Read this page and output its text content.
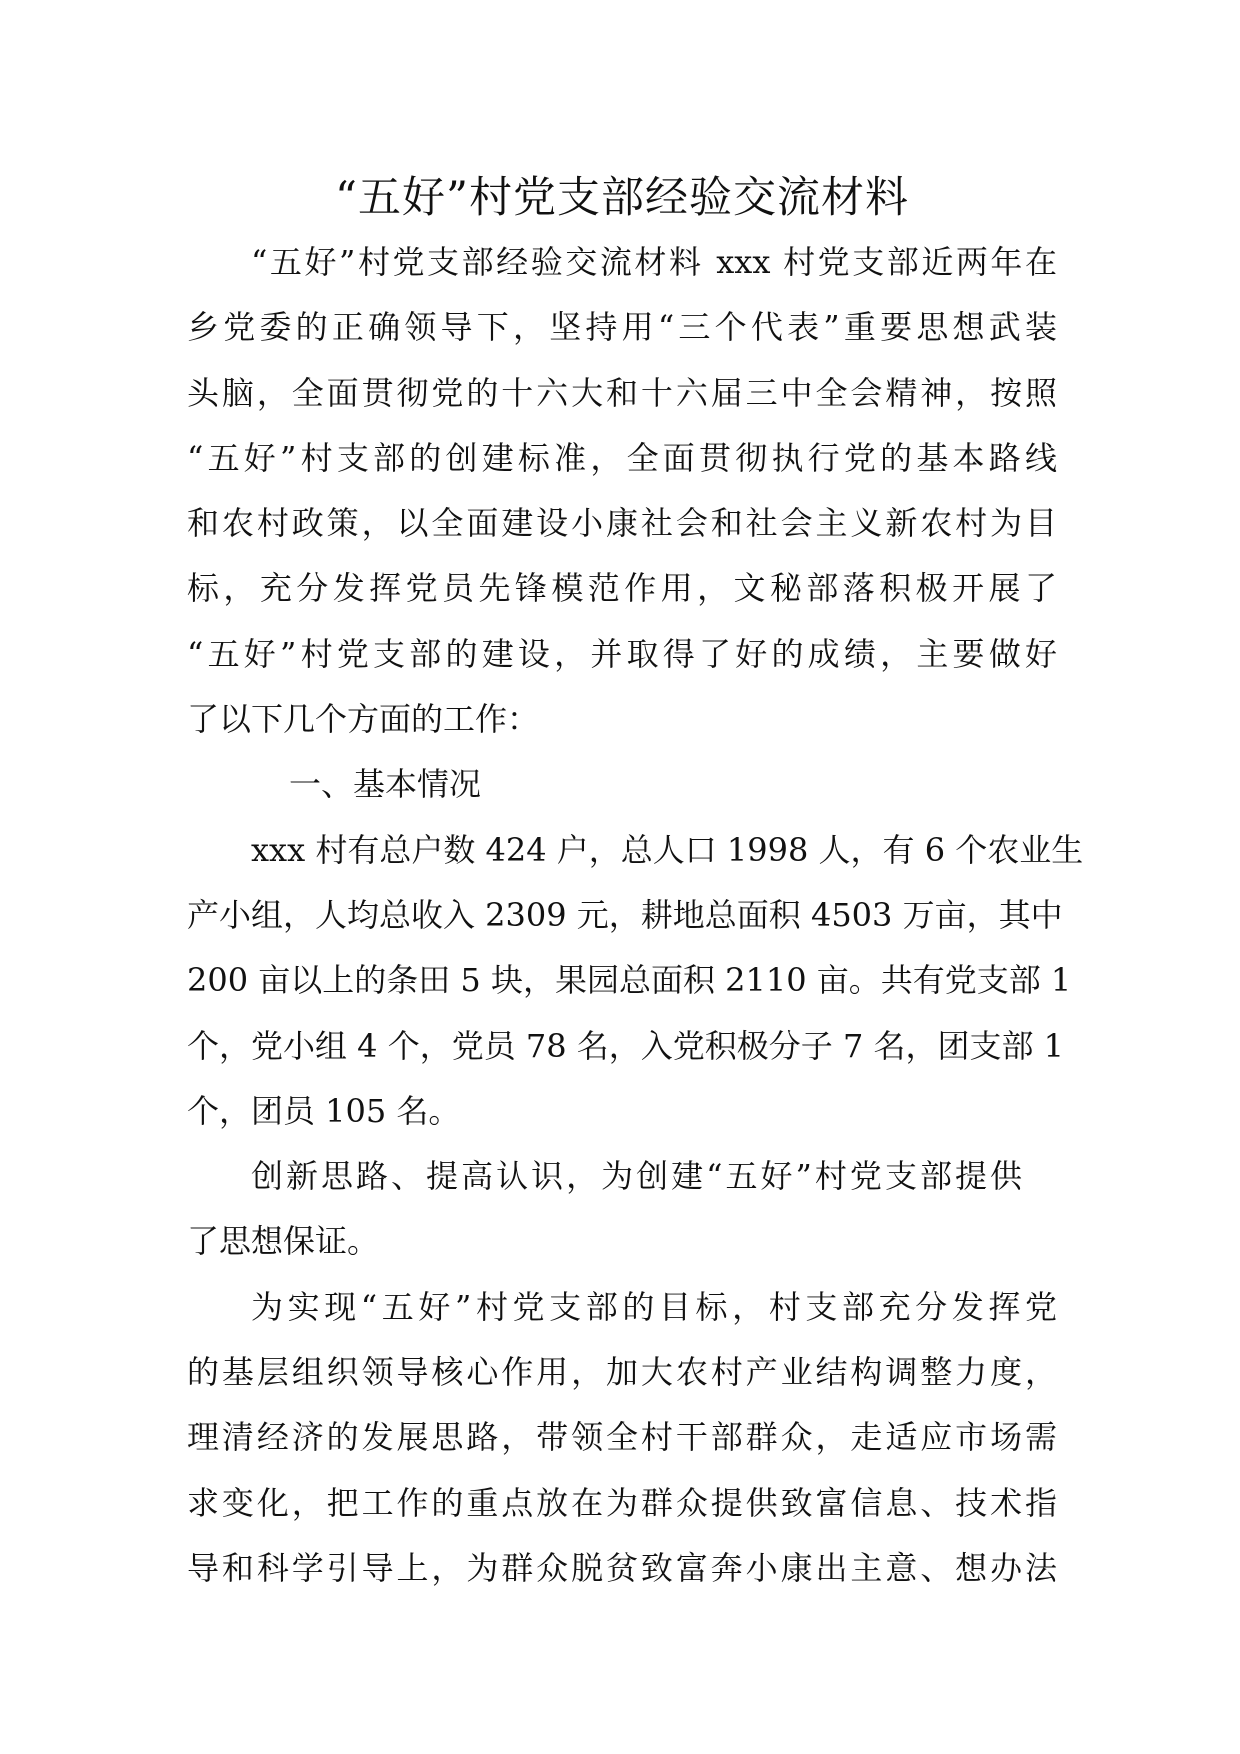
“五好”村党支部经验交流材料
“五好”村党支部经验交流材料 xxx 村党支部近两年在
乡党委的正确领导下，坚持用“三个代表”重要思想武装
头脑，全面贯彻党的十六大和十六届三中全会精神，按照
“五好”村支部的创建标准，全面贯彻执行党的基本路线
和农村政策，以全面建设小康社会和社会主义新农村为目
标，充分发挥党员先锋模范作用，文秘部落积极开展了
“五好”村党支部的建设，并取得了好的成绩，主要做好
了以下几个方面的工作：
一、基本情况
xxx 村有总户数 424 户，总人口 1998 人，有 6 个农业生
产小组，人均总收入 2309 元，耕地总面积 4503 万亩，其中
200 亩以上的条田 5 块，果园总面积 2110 亩。共有党支部 1
个，党小组 4 个，党员 78 名，入党积极分子 7 名，团支部 1
个，团员 105 名。
创新思路、提高认识，为创建“五好”村党支部提供
了思想保证。
为实现“五好”村党支部的目标，村支部充分发挥党
的基层组织领导核心作用，加大农村产业结构调整力度，
理清经济的发展思路，带领全村干部群众，走适应市场需
求变化，把工作的重点放在为群众提供致富信息、技术指
导和科学引导上，为群众脱贫致富奔小康出主意、想办法
